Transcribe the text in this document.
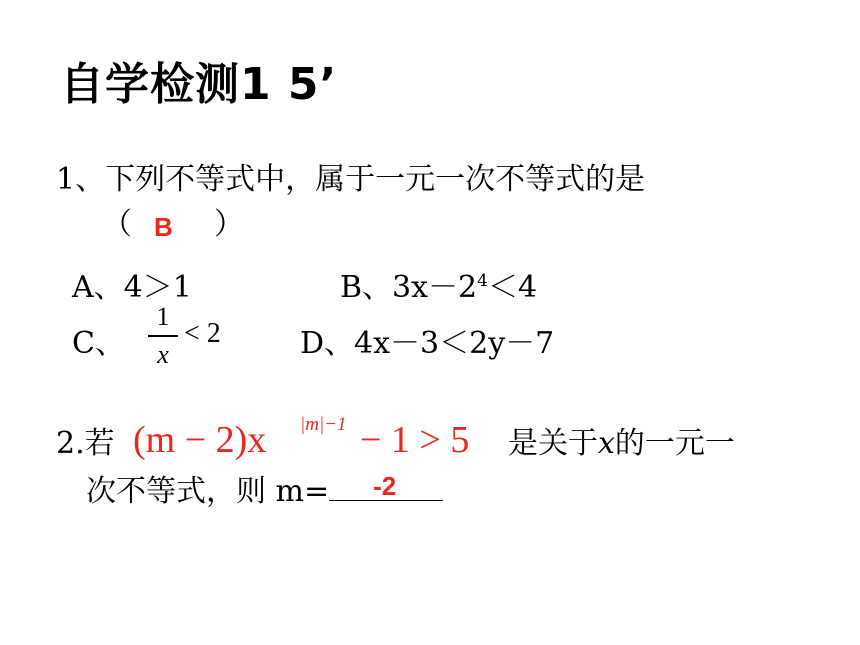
自学检测1 5’
1、下列不等式中，属于一元一次不等式的是
（ B ）
A、4＞1	B、$3x-2^4<4$
C、
1
x
< 2	D、4x－3＜2y－7
2.若 (m − 2)x |m|−1 − 1 > 5 是关于x的一元一
次不等式，则 m= -2
